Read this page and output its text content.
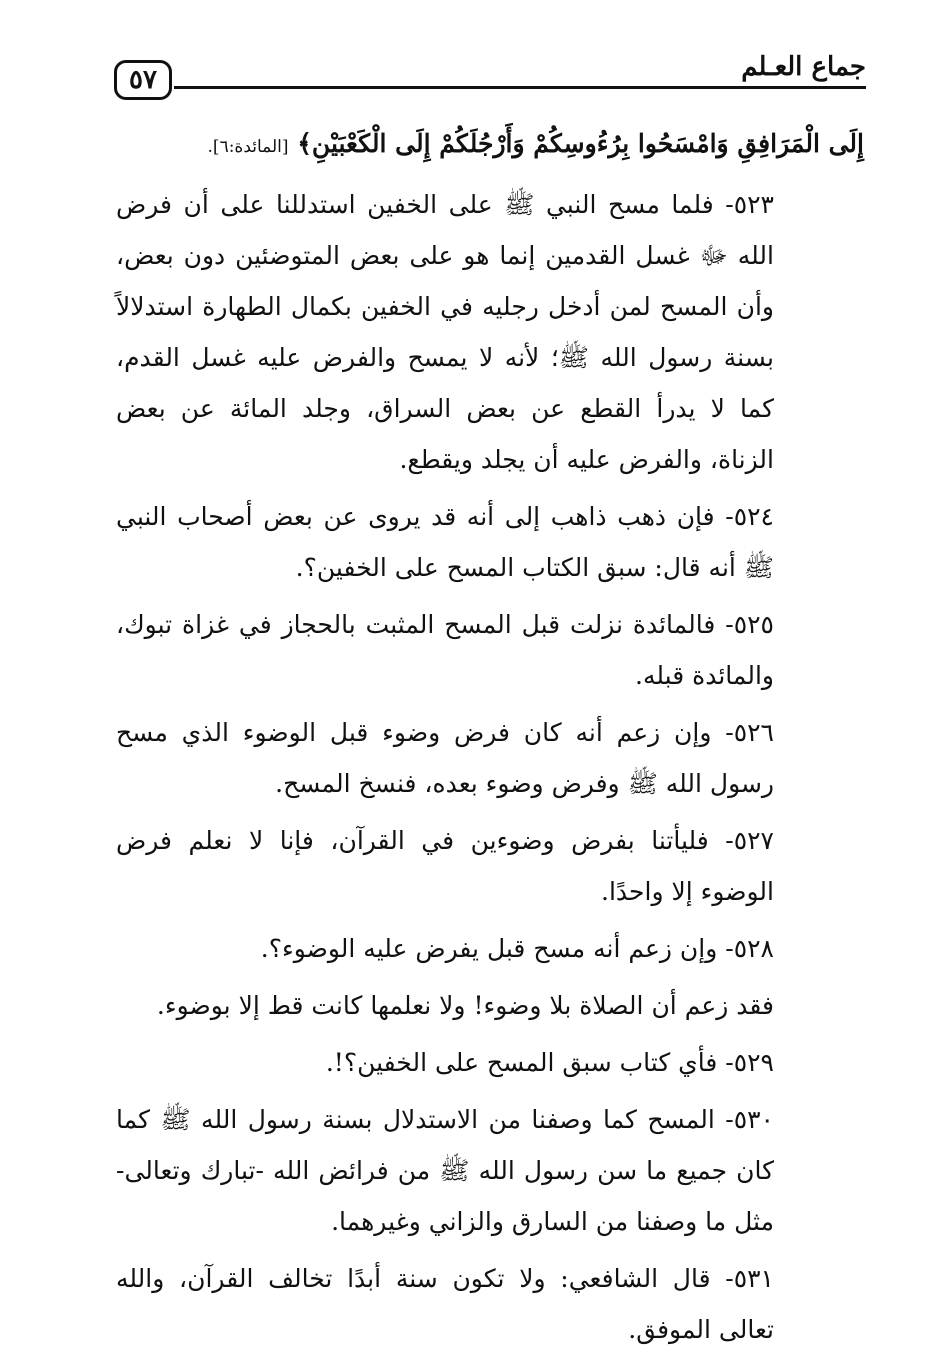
جماع العـلم
٥٧

إِلَى الْمَرَافِقِ وَامْسَحُوا بِرُءُوسِكُمْ وَأَرْجُلَكُمْ إِلَى الْكَعْبَيْنِ﴾ [المائدة:٦].

٥٢٣- فلما مسح النبي ﷺ على الخفين استدللنا على أن فرض الله ﷻ غسل القدمين إنما هو على بعض المتوضئين دون بعض، وأن المسح لمن أدخل رجليه في الخفين بكمال الطهارة استدلالاً بسنة رسول الله ﷺ؛ لأنه لا يمسح والفرض عليه غسل القدم، كما لا يدرأ القطع عن بعض السراق، وجلد المائة عن بعض الزناة، والفرض عليه أن يجلد ويقطع.

٥٢٤- فإن ذهب ذاهب إلى أنه قد يروى عن بعض أصحاب النبي ﷺ أنه قال: سبق الكتاب المسح على الخفين؟.

٥٢٥- فالمائدة نزلت قبل المسح المثبت بالحجاز في غزاة تبوك، والمائدة قبله.

٥٢٦- وإن زعم أنه كان فرض وضوء قبل الوضوء الذي مسح رسول الله ﷺ وفرض وضوء بعده، فنسخ المسح.

٥٢٧- فليأتنا بفرض وضوءين في القرآن، فإنا لا نعلم فرض الوضوء إلا واحدًا.

٥٢٨- وإن زعم أنه مسح قبل يفرض عليه الوضوء؟.

فقد زعم أن الصلاة بلا وضوء! ولا نعلمها كانت قط إلا بوضوء.

٥٢٩- فأي كتاب سبق المسح على الخفين؟!.

٥٣٠- المسح كما وصفنا من الاستدلال بسنة رسول الله ﷺ كما كان جميع ما سن رسول الله ﷺ من فرائض الله -تبارك وتعالى- مثل ما وصفنا من السارق والزاني وغيرهما.

٥٣١- قال الشافعي: ولا تكون سنة أبدًا تخالف القرآن، والله تعالى الموفق.
